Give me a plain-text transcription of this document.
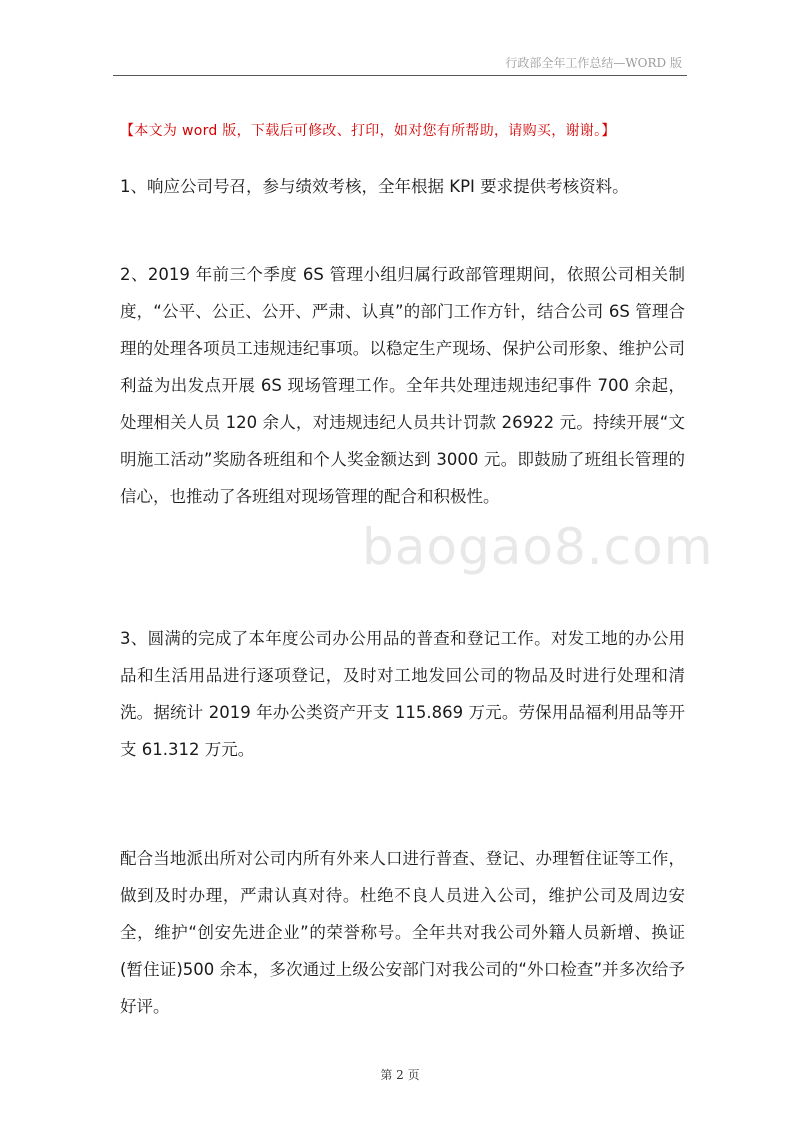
行政部全年工作总结—WORD 版
【本文为 word 版，下载后可修改、打印，如对您有所帮助，请购买，谢谢。】

1、响应公司号召，参与绩效考核，全年根据 KPI 要求提供考核资料。

2、2019 年前三个季度 6S 管理小组归属行政部管理期间，依照公司相关制度，“公平、公正、公开、严肃、认真”的部门工作方针，结合公司 6S 管理合理的处理各项员工违规违纪事项。以稳定生产现场、保护公司形象、维护公司利益为出发点开展 6S 现场管理工作。全年共处理违规违纪事件 700 余起，处理相关人员 120 余人，对违规违纪人员共计罚款 26922 元。持续开展“文明施工活动”奖励各班组和个人奖金额达到 3000 元。即鼓励了班组长管理的信心，也推动了各班组对现场管理的配合和积极性。

3、圆满的完成了本年度公司办公用品的普查和登记工作。对发工地的办公用品和生活用品进行逐项登记，及时对工地发回公司的物品及时进行处理和清洗。据统计 2019 年办公类资产开支 115.869 万元。劳保用品福利用品等开支 61.312 万元。

配合当地派出所对公司内所有外来人口进行普查、登记、办理暂住证等工作，做到及时办理，严肃认真对待。杜绝不良人员进入公司，维护公司及周边安全，维护“创安先进企业”的荣誉称号。全年共对我公司外籍人员新增、换证(暂住证)500 余本，多次通过上级公安部门对我公司的“外口检查”并多次给予好评。

baogao8.com
第 2 页
